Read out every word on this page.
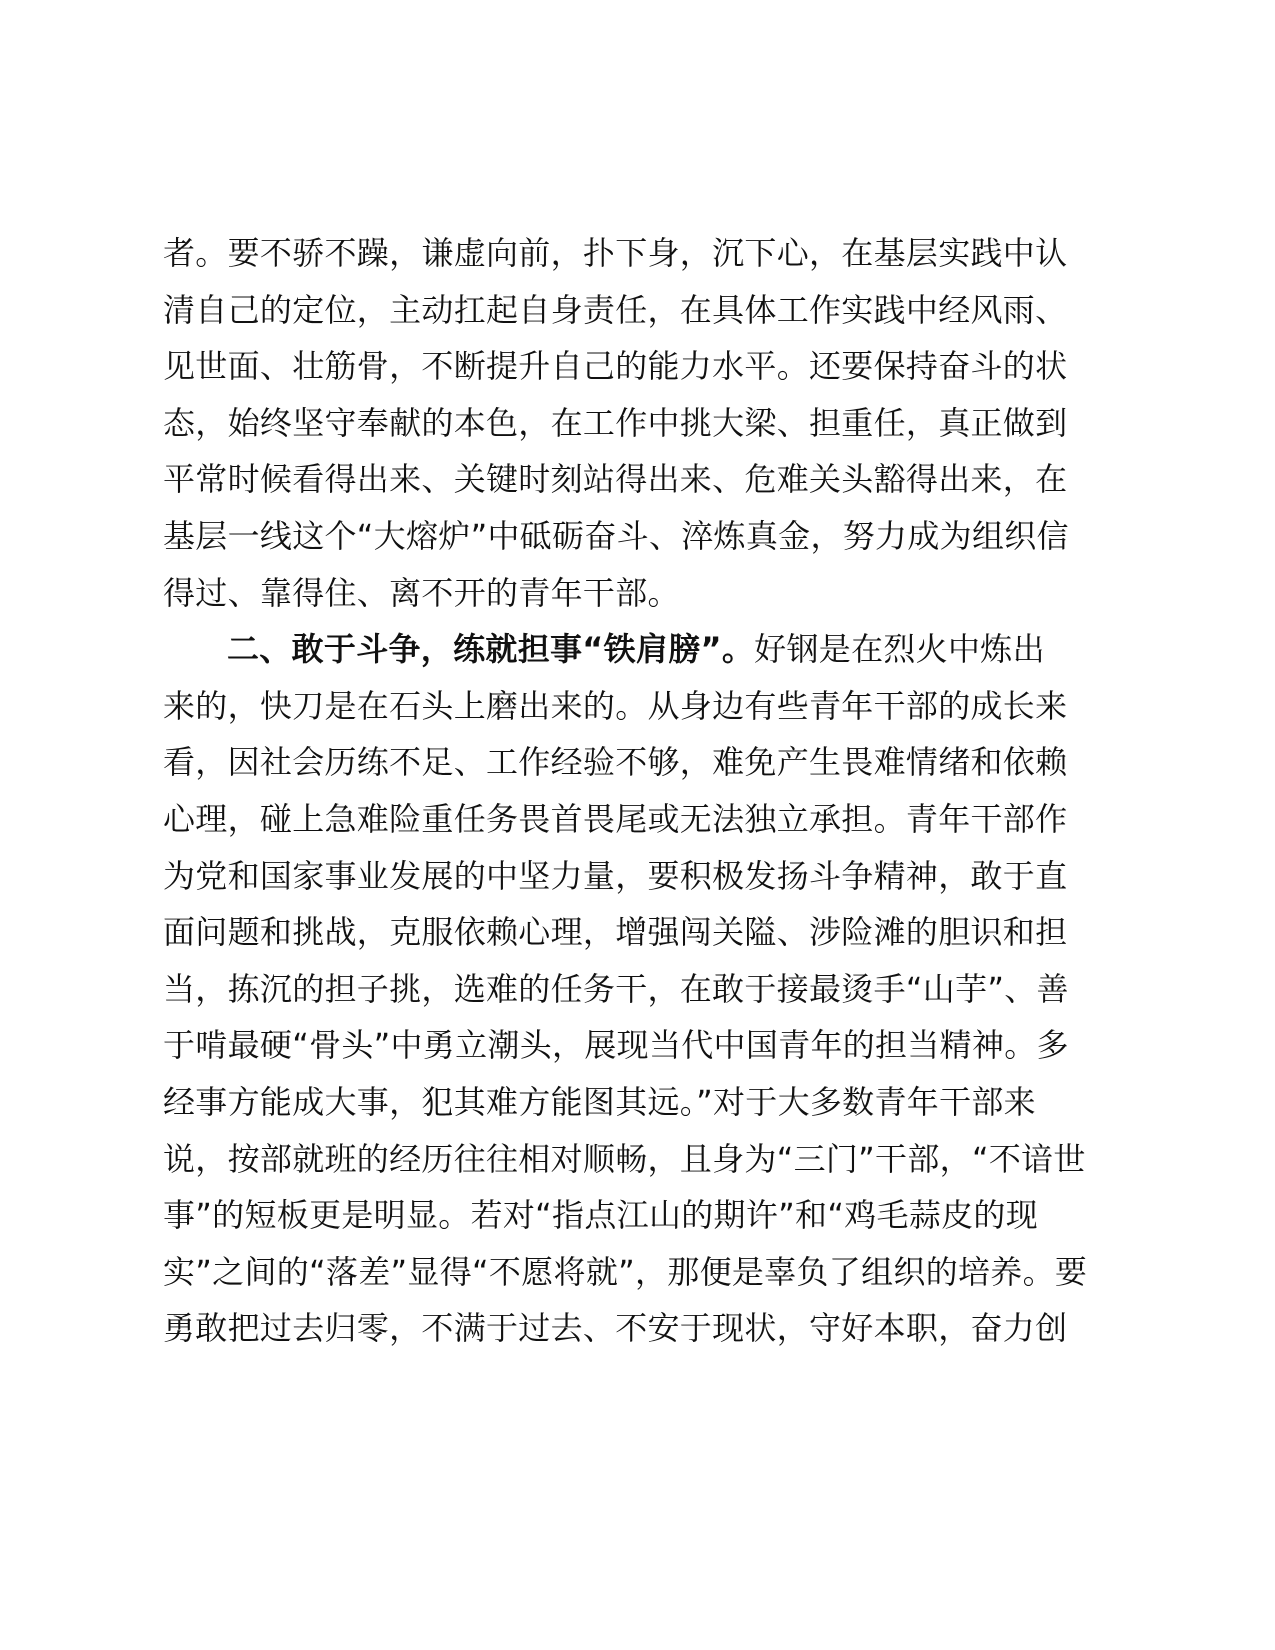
者。要不骄不躁，谦虚向前，扑下身，沉下心，在基层实践中认
清自己的定位，主动扛起自身责任，在具体工作实践中经风雨、
见世面、壮筋骨，不断提升自己的能力水平。还要保持奋斗的状
态，始终坚守奉献的本色，在工作中挑大梁、担重任，真正做到
平常时候看得出来、关键时刻站得出来、危难关头豁得出来，在
基层一线这个“大熔炉”中砥砺奋斗、淬炼真金，努力成为组织信
得过、靠得住、离不开的青年干部。
二、敢于斗争，练就担事“铁肩膀”。好钢是在烈火中炼出
来的，快刀是在石头上磨出来的。从身边有些青年干部的成长来
看，因社会历练不足、工作经验不够，难免产生畏难情绪和依赖
心理，碰上急难险重任务畏首畏尾或无法独立承担。青年干部作
为党和国家事业发展的中坚力量，要积极发扬斗争精神，敢于直
面问题和挑战，克服依赖心理，增强闯关隘、涉险滩的胆识和担
当，拣沉的担子挑，选难的任务干，在敢于接最烫手“山芋”、善
于啃最硬“骨头”中勇立潮头，展现当代中国青年的担当精神。多
经事方能成大事，犯其难方能图其远。”对于大多数青年干部来
说，按部就班的经历往往相对顺畅，且身为“三门”干部，“不谙世
事”的短板更是明显。若对“指点江山的期许”和“鸡毛蒜皮的现
实”之间的“落差”显得“不愿将就”，那便是辜负了组织的培养。要
勇敢把过去归零，不满于过去、不安于现状，守好本职，奋力创
